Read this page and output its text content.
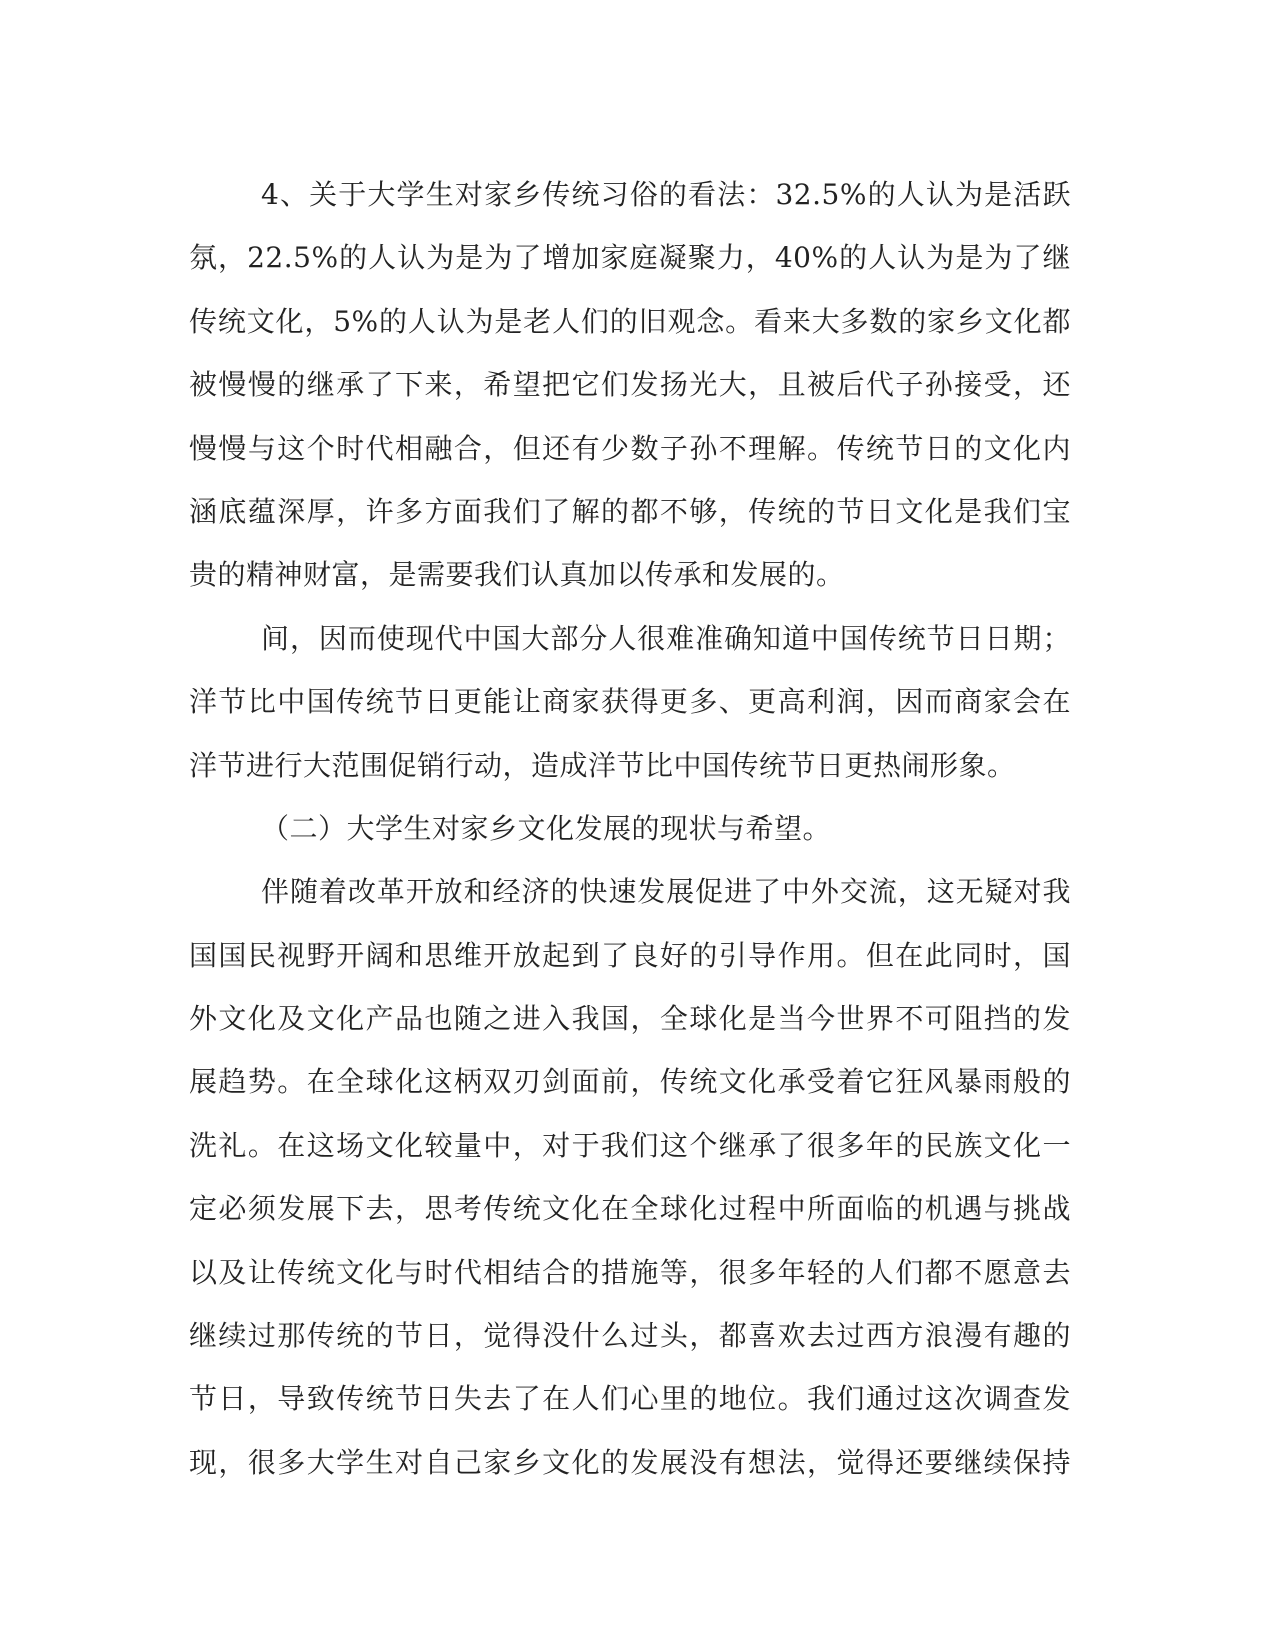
4、关于大学生对家乡传统习俗的看法：32.5%的人认为是活跃
氛，22.5%的人认为是为了增加家庭凝聚力，40%的人认为是为了继
传统文化，5%的人认为是老人们的旧观念。看来大多数的家乡文化都
被慢慢的继承了下来，希望把它们发扬光大，且被后代子孙接受，还
慢慢与这个时代相融合，但还有少数子孙不理解。传统节日的文化内
涵底蕴深厚，许多方面我们了解的都不够，传统的节日文化是我们宝
贵的精神财富，是需要我们认真加以传承和发展的。
间，因而使现代中国大部分人很难准确知道中国传统节日日期；
洋节比中国传统节日更能让商家获得更多、更高利润，因而商家会在
洋节进行大范围促销行动，造成洋节比中国传统节日更热闹形象。
（二）大学生对家乡文化发展的现状与希望。
伴随着改革开放和经济的快速发展促进了中外交流，这无疑对我
国国民视野开阔和思维开放起到了良好的引导作用。但在此同时，国
外文化及文化产品也随之进入我国，全球化是当今世界不可阻挡的发
展趋势。在全球化这柄双刃剑面前，传统文化承受着它狂风暴雨般的
洗礼。在这场文化较量中，对于我们这个继承了很多年的民族文化一
定必须发展下去，思考传统文化在全球化过程中所面临的机遇与挑战
以及让传统文化与时代相结合的措施等，很多年轻的人们都不愿意去
继续过那传统的节日，觉得没什么过头，都喜欢去过西方浪漫有趣的
节日，导致传统节日失去了在人们心里的地位。我们通过这次调查发
现，很多大学生对自己家乡文化的发展没有想法，觉得还要继续保持
